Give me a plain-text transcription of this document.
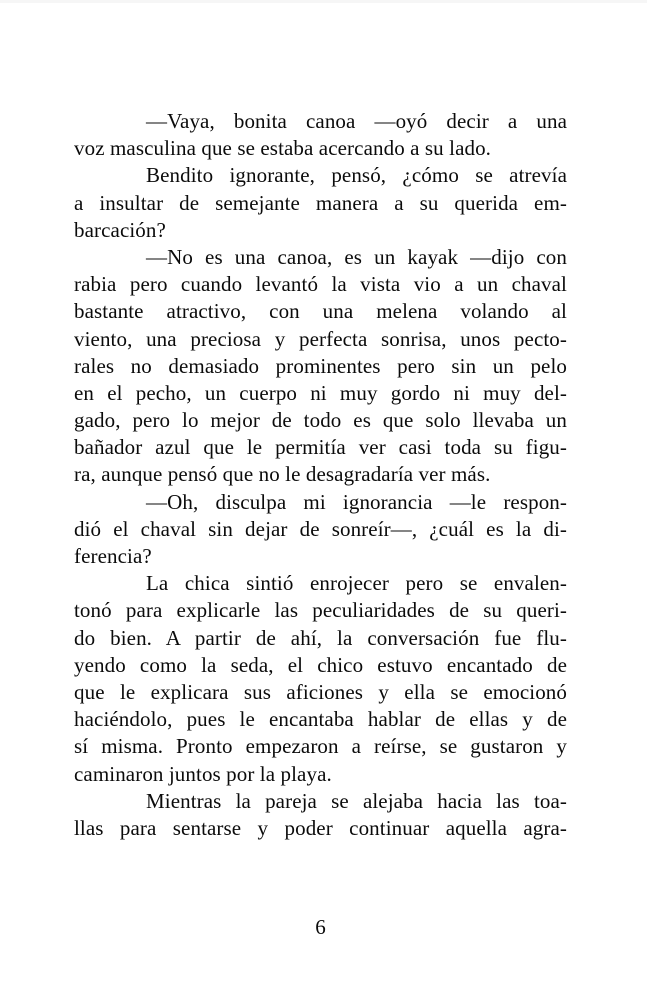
—Vaya, bonita canoa —oyó decir a una
voz masculina que se estaba acercando a su lado.
Bendito ignorante, pensó, ¿cómo se atrevía
a insultar de semejante manera a su querida em-
barcación?
—No es una canoa, es un kayak —dijo con
rabia pero cuando levantó la vista vio a un chaval
bastante atractivo, con una melena volando al
viento, una preciosa y perfecta sonrisa, unos pecto-
rales no demasiado prominentes pero sin un pelo
en el pecho, un cuerpo ni muy gordo ni muy del-
gado, pero lo mejor de todo es que solo llevaba un
bañador azul que le permitía ver casi toda su figu-
ra, aunque pensó que no le desagradaría ver más.
—Oh, disculpa mi ignorancia —le respon-
dió el chaval sin dejar de sonreír—, ¿cuál es la di-
ferencia?
La chica sintió enrojecer pero se envalen-
tonó para explicarle las peculiaridades de su queri-
do bien. A partir de ahí, la conversación fue flu-
yendo como la seda, el chico estuvo encantado de
que le explicara sus aficiones y ella se emocionó
haciéndolo, pues le encantaba hablar de ellas y de
sí misma. Pronto empezaron a reírse, se gustaron y
caminaron juntos por la playa.
Mientras la pareja se alejaba hacia las toa-
llas para sentarse y poder continuar aquella agra-
6
